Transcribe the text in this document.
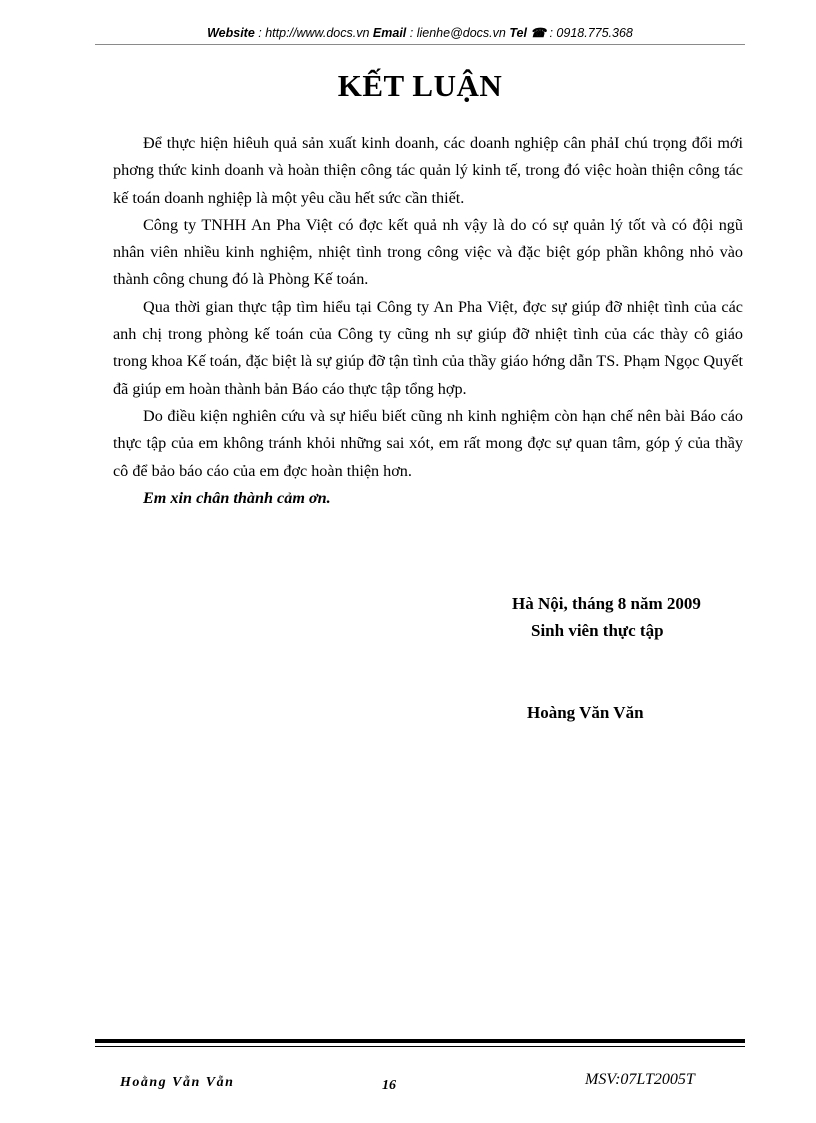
Website : http://www.docs.vn Email : lienhe@docs.vn Tel ☎ : 0918.775.368
KẾT LUẬN

Để thực hiện hiêuh quả sản xuất kinh doanh, các doanh nghiệp cân phảI chú trọng đổi mới phơng thức kinh doanh và hoàn thiện công tác quản lý kinh tế, trong đó việc hoàn thiện công tác kế toán doanh nghiệp là một yêu cầu hết sức cần thiết.

Công ty TNHH An Pha Việt có đợc kết quả nh vậy là do có sự quản lý tốt và có đội ngũ nhân viên nhiều kinh nghiệm, nhiệt tình trong công việc và đặc biệt góp phần không nhỏ vào thành công chung đó là Phòng Kế toán.

Qua thời gian thực tập tìm hiểu tại Công ty An Pha Việt, đợc sự giúp đỡ nhiệt tình của các anh chị trong phòng kế toán của Công ty cũng nh sự giúp đỡ nhiệt tình của các thày cô giáo trong khoa Kế toán, đặc biệt là sự giúp đỡ tận tình của thầy giáo hớng dẫn TS. Phạm Ngọc Quyết đã giúp em hoàn thành bản Báo cáo thực tập tổng hợp.

Do điều kiện nghiên cứu và sự hiểu biết cũng nh kinh nghiệm còn hạn chế nên bài Báo cáo thực tập của em không tránh khỏi những sai xót, em rất mong đợc sự quan tâm, góp ý của thầy cô để bảo báo cáo của em đợc hoàn thiện hơn.

Em xin chân thành cảm ơn.

Hà Nội, tháng 8 năm 2009
Sinh viên thực tập
Hoàng Văn Văn
Hoằng Vẵn Vẵn	16	MSV:07LT2005T
